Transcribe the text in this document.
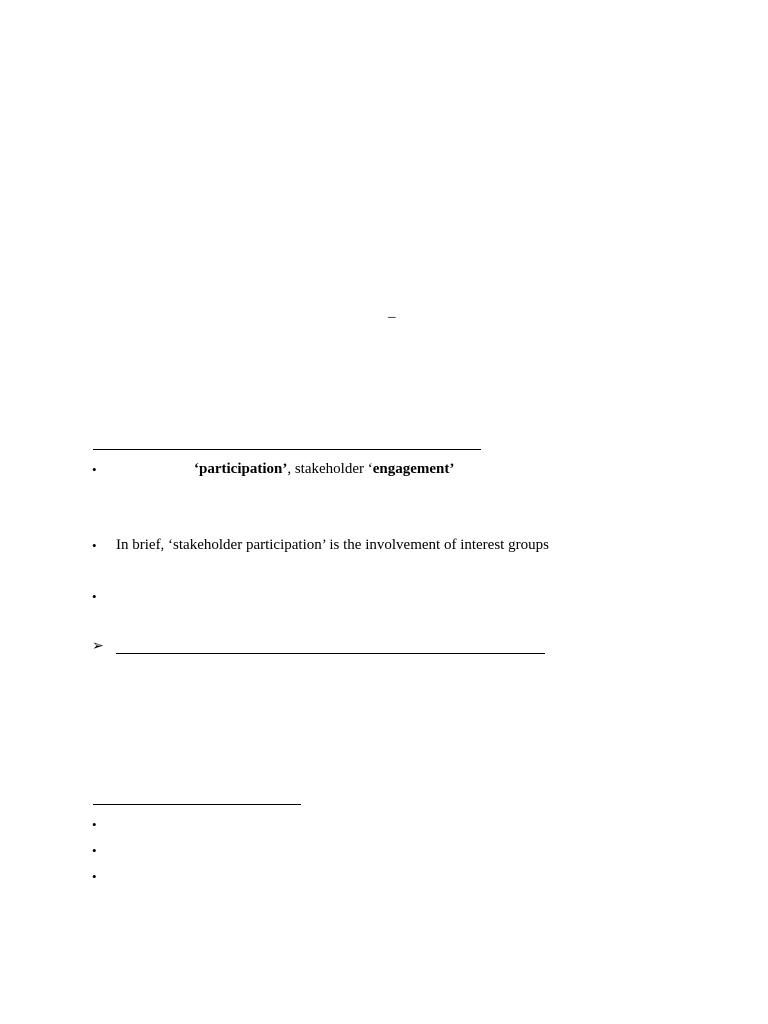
–
•	‘participation’, stakeholder ‘engagement’
• In brief, ‘stakeholder participation’ is the involvement of interest groups
•
➢
•
•
•
